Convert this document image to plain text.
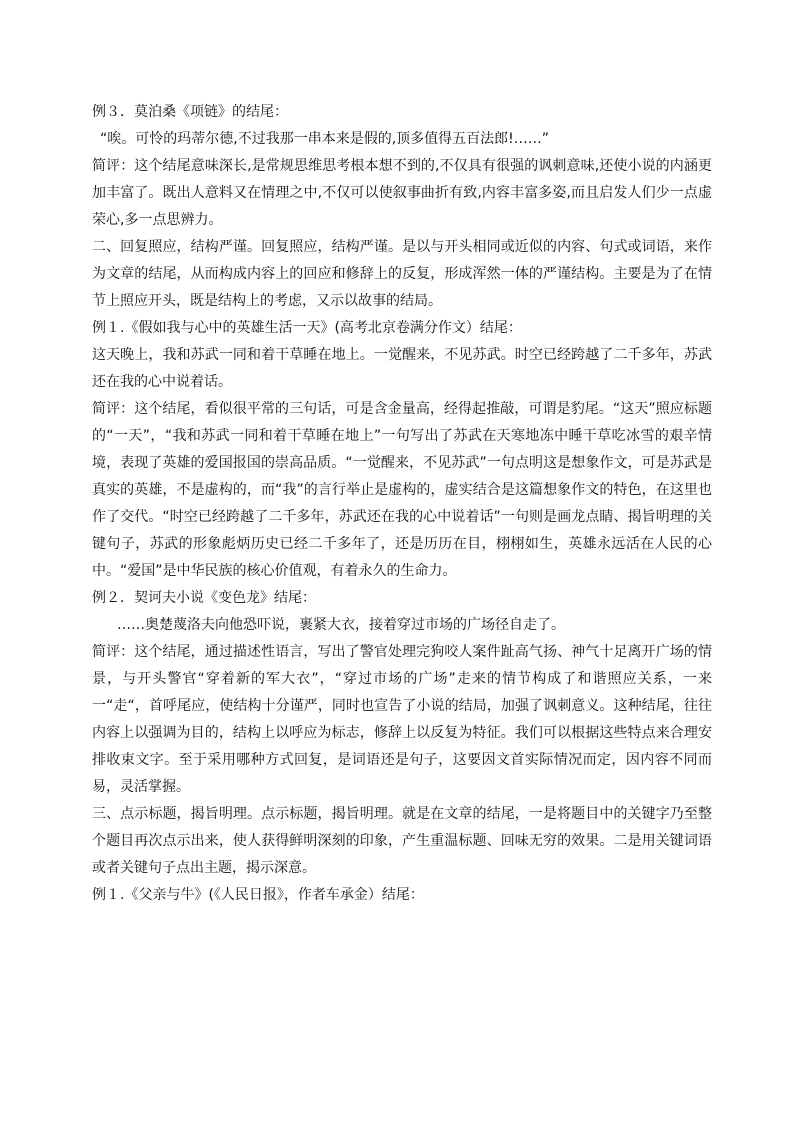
例３．莫泊桑《项链》的结尾：

“唉。可怜的玛蒂尔德,不过我那一串本来是假的,顶多值得五百法郎!……”

简评：这个结尾意味深长,是常规思维思考根本想不到的,不仅具有很强的讽刺意味,还使小说的内涵更加丰富了。既出人意料又在情理之中,不仅可以使叙事曲折有致,内容丰富多姿,而且启发人们少一点虚荣心,多一点思辨力。

二、回复照应，结构严谨。回复照应，结构严谨。是以与开头相同或近似的内容、句式或词语，来作为文章的结尾，从而构成内容上的回应和修辞上的反复，形成浑然一体的严谨结构。主要是为了在情节上照应开头，既是结构上的考虑，又示以故事的结局。

例１.《假如我与心中的英雄生活一天》(高考北京卷满分作文）结尾：

这天晚上，我和苏武一同和着干草睡在地上。一觉醒来，不见苏武。时空已经跨越了二千多年，苏武还在我的心中说着话。

简评：这个结尾，看似很平常的三句话，可是含金量高，经得起推敲，可谓是豹尾。“这天”照应标题的“一天”，“我和苏武一同和着干草睡在地上”一句写出了苏武在天寒地冻中睡干草吃冰雪的艰辛情境，表现了英雄的爱国报国的崇高品质。“一觉醒来，不见苏武”一句点明这是想象作文，可是苏武是真实的英雄，不是虚构的，而“我”的言行举止是虚构的，虚实结合是这篇想象作文的特色，在这里也作了交代。“时空已经跨越了二千多年，苏武还在我的心中说着话”一句则是画龙点睛、揭旨明理的关键句子，苏武的形象彪炳历史已经二千多年了，还是历历在目，栩栩如生，英雄永远活在人民的心中。“爱国”是中华民族的核心价值观，有着永久的生命力。

例２．契诃夫小说《变色龙》结尾：

……奥楚蔑洛夫向他恐吓说，裹紧大衣，接着穿过市场的广场径自走了。

简评：这个结尾，通过描述性语言，写出了警官处理完狗咬人案件趾高气扬、神气十足离开广场的情景，与开头警官“穿着新的军大衣”，“穿过市场的广场”走来的情节构成了和谐照应关系，一来一“走“，首呼尾应，使结构十分谨严，同时也宣告了小说的结局，加强了讽刺意义。这种结尾，往往内容上以强调为目的，结构上以呼应为标志，修辞上以反复为特征。我们可以根据这些特点来合理安排收束文字。至于采用哪种方式回复，是词语还是句子，这要因文首实际情况而定，因内容不同而易，灵活掌握。

三、点示标题，揭旨明理。点示标题，揭旨明理。就是在文章的结尾，一是将题目中的关键字乃至整个题目再次点示出来，使人获得鲜明深刻的印象，产生重温标题、回味无穷的效果。二是用关键词语或者关键句子点出主题，揭示深意。

例１.《父亲与牛》(《人民日报》，作者车承金）结尾：
